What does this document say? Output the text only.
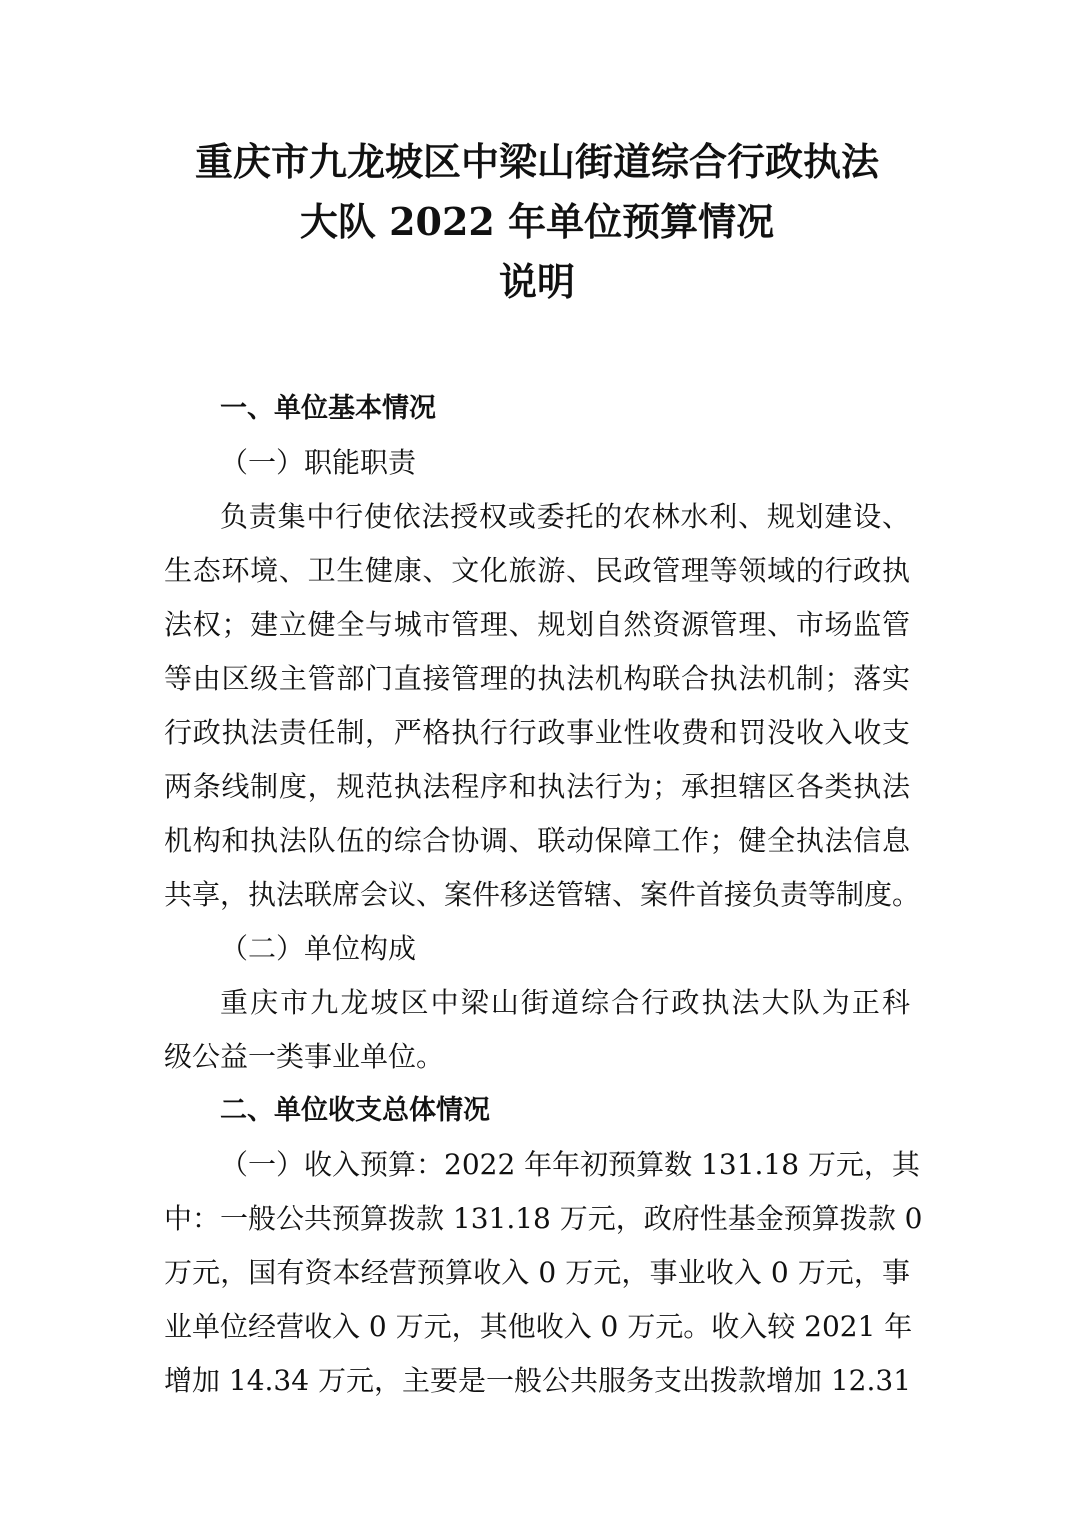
重庆市九龙坡区中梁山街道综合行政执法
大队 2022 年单位预算情况
说明
一、单位基本情况

（一）职能职责

负责集中行使依法授权或委托的农林水利、规划建设、
生态环境、卫生健康、文化旅游、民政管理等领域的行政执
法权；建立健全与城市管理、规划自然资源管理、市场监管
等由区级主管部门直接管理的执法机构联合执法机制；落实
行政执法责任制，严格执行行政事业性收费和罚没收入收支
两条线制度，规范执法程序和执法行为；承担辖区各类执法
机构和执法队伍的综合协调、联动保障工作；健全执法信息
共享，执法联席会议、案件移送管辖、案件首接负责等制度。

（二）单位构成

重庆市九龙坡区中梁山街道综合行政执法大队为正科
级公益一类事业单位。

二、单位收支总体情况

（一）收入预算：2022 年年初预算数 131.18 万元，其
中：一般公共预算拨款 131.18 万元，政府性基金预算拨款 0
万元，国有资本经营预算收入 0 万元，事业收入 0 万元，事
业单位经营收入 0 万元，其他收入 0 万元。收入较 2021 年
增加 14.34 万元，主要是一般公共服务支出拨款增加 12.31
